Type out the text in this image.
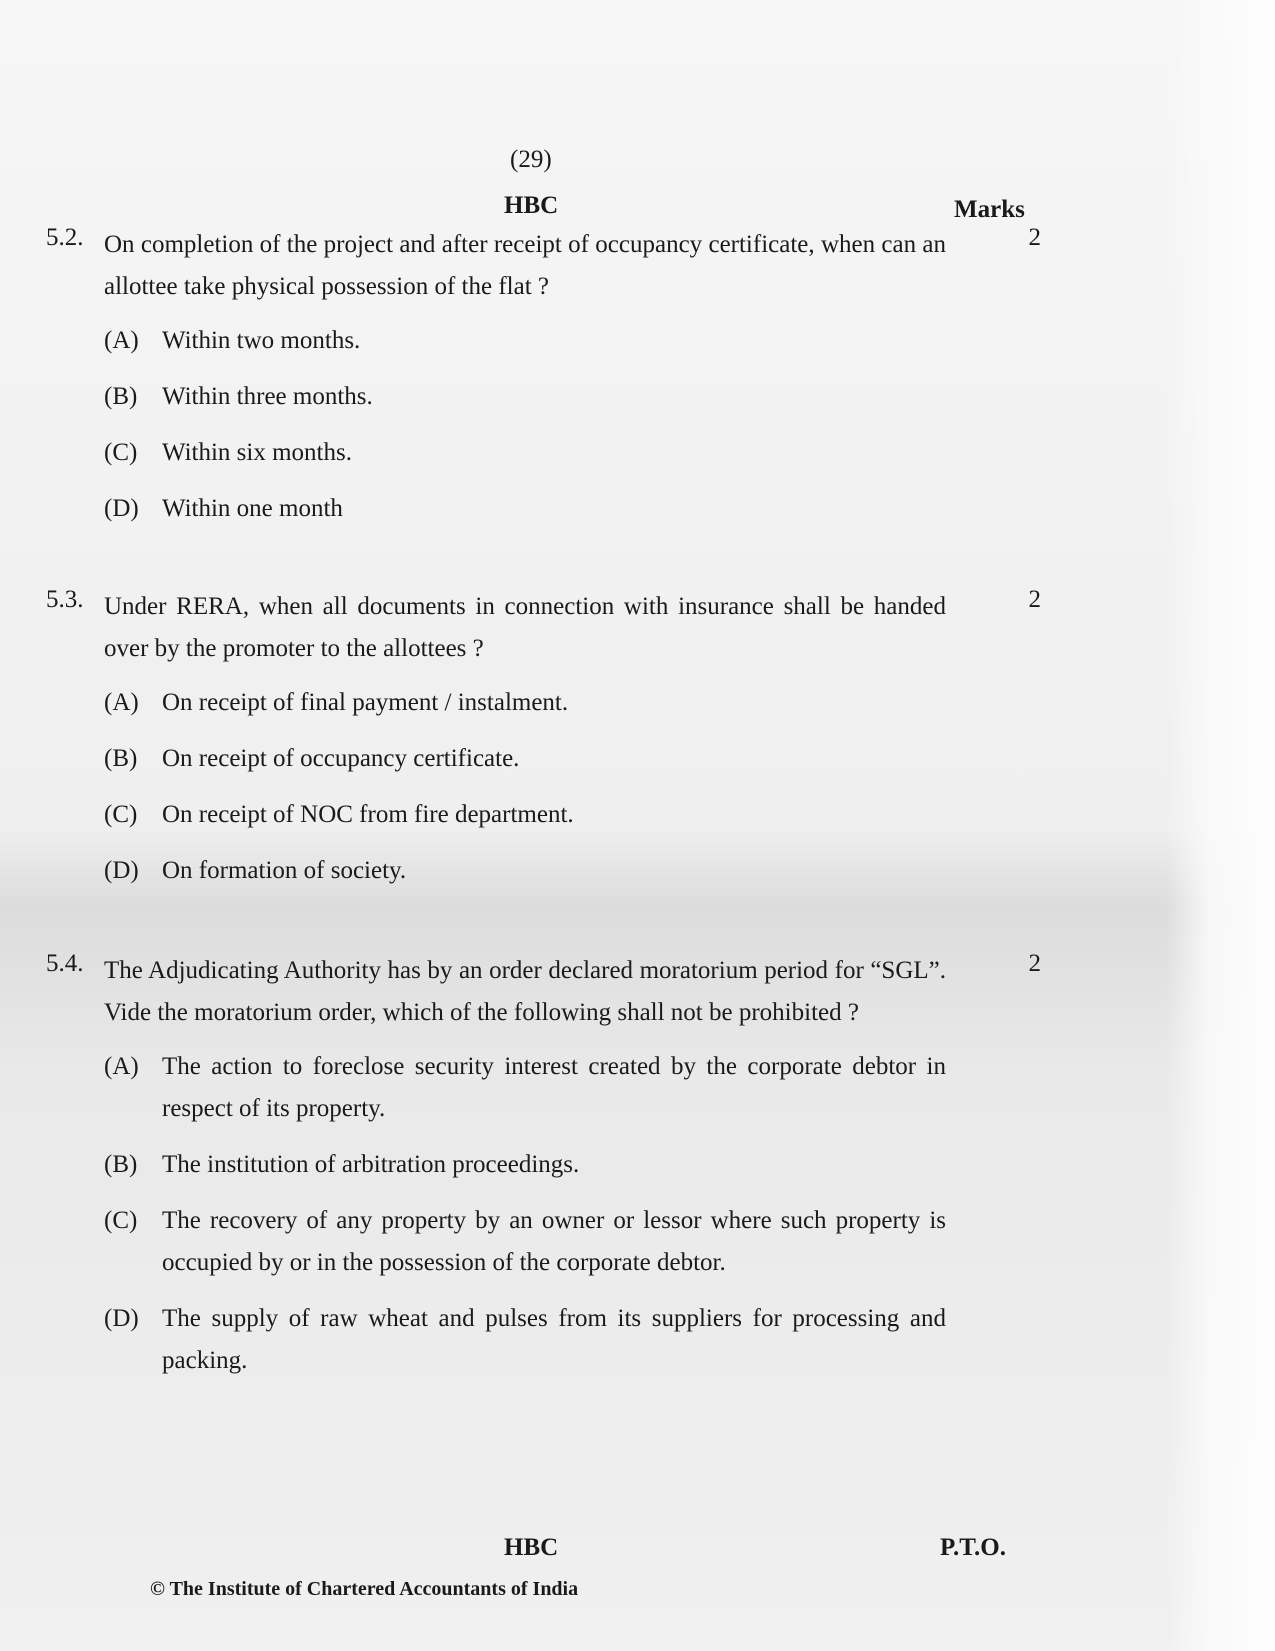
(29)
HBC	Marks
5.2. On completion of the project and after receipt of occupancy certificate, when can an allottee take physical possession of the flat ?
2
(A) Within two months.
(B) Within three months.
(C) Within six months.
(D) Within one month
5.3. Under RERA, when all documents in connection with insurance shall be handed over by the promoter to the allottees ?
2
(A) On receipt of final payment / instalment.
(B) On receipt of occupancy certificate.
(C) On receipt of NOC from fire department.
(D) On formation of society.
5.4. The Adjudicating Authority has by an order declared moratorium period for “SGL”. Vide the moratorium order, which of the following shall not be prohibited ?
2
(A) The action to foreclose security interest created by the corporate debtor in respect of its property.
(B) The institution of arbitration proceedings.
(C) The recovery of any property by an owner or lessor where such property is occupied by or in the possession of the corporate debtor.
(D) The supply of raw wheat and pulses from its suppliers for processing and packing.
HBC	P.T.O.
© The Institute of Chartered Accountants of India
